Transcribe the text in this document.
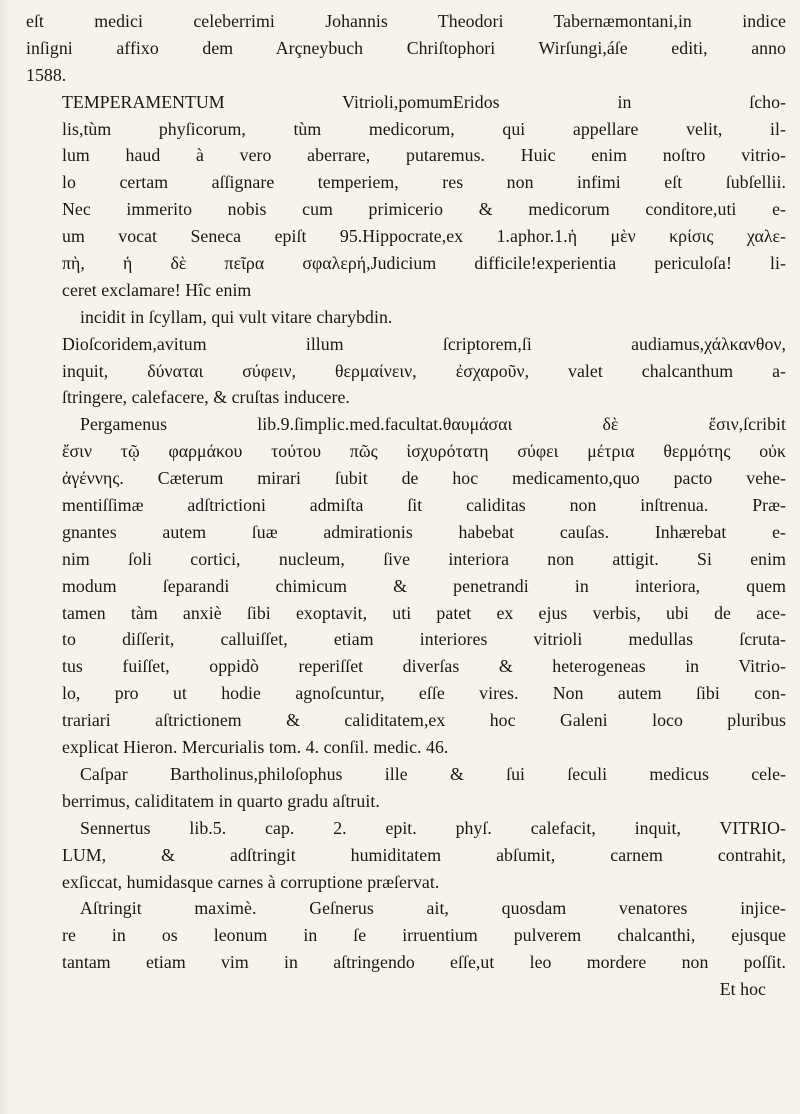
eſt medici celeberrimi Johannis Theodori Tabernæmontani,in indice
inſigni affixo dem Arçneybuch Chriſtophori Wirſungi,áſe editi, anno
1588.
TEMPERAMENTUM Vitrioli,pomumEridos in ſcho-
lis,tùm phyſicorum, tùm medicorum, qui appellare velit, il-
lum haud à vero aberrare, putaremus. Huic enim noſtro vitrio-
lo certam aſſignare temperiem, res non infimi eſt ſubſellii.
Nec immerito nobis cum primicerio & medicorum conditore,uti e-
um vocat Seneca epiſt 95.Hippocrate,ex 1.aphor.1.ἡ μὲν κρίσις χαλε-
πὴ, ἡ δὲ πεῖρα σφαλερή,Judicium difficile!experientia periculoſa! li-
ceret exclamare! Hîc enim
incidit in ſcyllam, qui vult vitare charybdin.
Dioſcoridem,avitum illum ſcriptorem,ſi audiamus,χάλκανθον,
inquit, δύναται σύφειν, θερμαίνειν, ἐσχαροῦν, valet chalcanthum a-
ſtringere, calefacere, & cruſtas inducere.
Pergamenus lib.9.ſimplic.med.facultat.θαυμάσαι δὲ ἔσιν,ſcribit
ἔσιν τῷ φαρμάκου τούτου πῶς ἰσχυρότατη σύφει μέτρια θερμότης οὐκ
ἀγέννης. Cæterum mirari ſubit de hoc medicamento,quo pacto vehe-
mentiſſimæ adſtrictioni admiſta ſit caliditas non inſtrenua. Præ-
gnantes autem ſuæ admirationis habebat cauſas. Inhærebat e-
nim ſoli cortici, nucleum, ſive interiora non attigit. Si enim
modum ſeparandi chimicum & penetrandi in interiora, quem
tamen tàm anxiè ſibi exoptavit, uti patet ex ejus verbis, ubi de ace-
to diſſerit, calluiſſet, etiam interiores vitrioli medullas ſcruta-
tus fuiſſet, oppidò reperiſſet diverſas & heterogeneas in Vitrio-
lo, pro ut hodie agnoſcuntur, eſſe vires. Non autem ſibi con-
trariari aſtrictionem & caliditatem,ex hoc Galeni loco pluribus
explicat Hieron. Mercurialis tom. 4. conſil. medic. 46.
Caſpar Bartholinus,philoſophus ille & ſui ſeculi medicus cele-
berrimus, caliditatem in quarto gradu aſtruit.
Sennertus lib.5. cap. 2. epit. phyſ. calefacit, inquit, VITRIO-
LUM, & adſtringit humiditatem abſumit, carnem contrahit,
exſiccat, humidasque carnes à corruptione præſervat.
Aſtringit maximè. Geſnerus ait, quosdam venatores injice-
re in os leonum in ſe irruentium pulverem chalcanthi, ejusque
tantam etiam vim in aſtringendo eſſe,ut leo mordere non poſſit.
Et hoc
